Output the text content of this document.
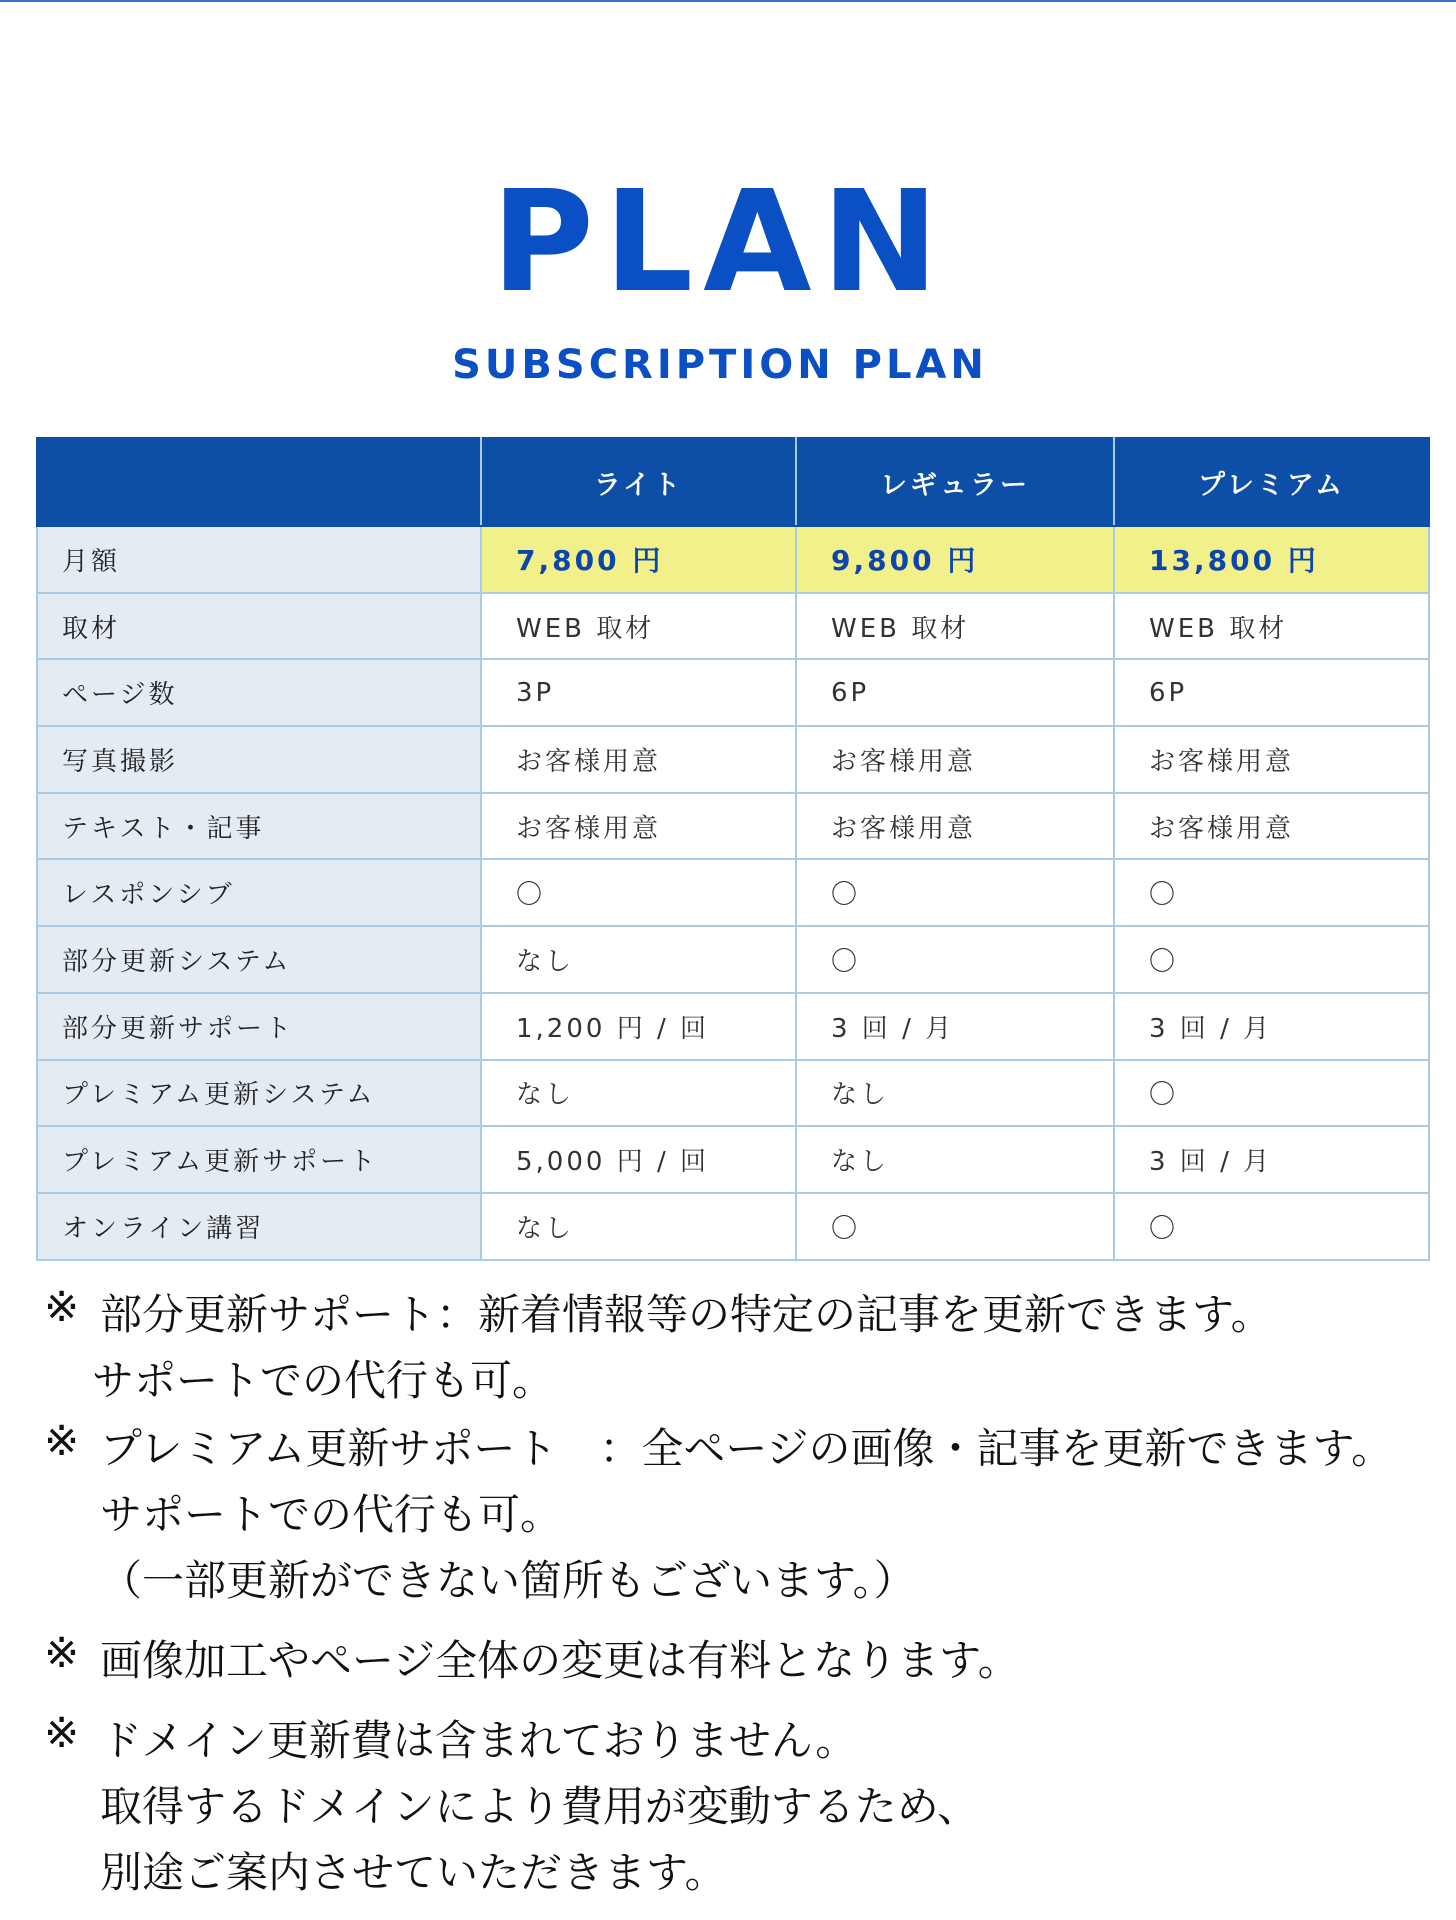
PLAN
SUBSCRIPTION PLAN
	ライト	レギュラー	プレミアム
月額	7,800 円	9,800 円	13,800 円
取材	WEB 取材	WEB 取材	WEB 取材
ページ数	3P	6P	6P
写真撮影	お客様用意	お客様用意	お客様用意
テキスト・記事	お客様用意	お客様用意	お客様用意
レスポンシブ	〇	〇	〇
部分更新システム	なし	〇	〇
部分更新サポート	1,200 円 / 回	3 回 / 月	3 回 / 月
プレミアム更新システム	なし	なし	〇
プレミアム更新サポート	5,000 円 / 回	なし	3 回 / 月
オンライン講習	なし	〇	〇
※ 部分更新サポート：新着情報等の特定の記事を更新できます。
サポートでの代行も可。
※ プレミアム更新サポート　：全ページの画像・記事を更新できます。
サポートでの代行も可。
（一部更新ができない箇所もございます。）
※ 画像加工やページ全体の変更は有料となります。
※ ドメイン更新費は含まれておりません。
取得するドメインにより費用が変動するため、
別途ご案内させていただきます。
